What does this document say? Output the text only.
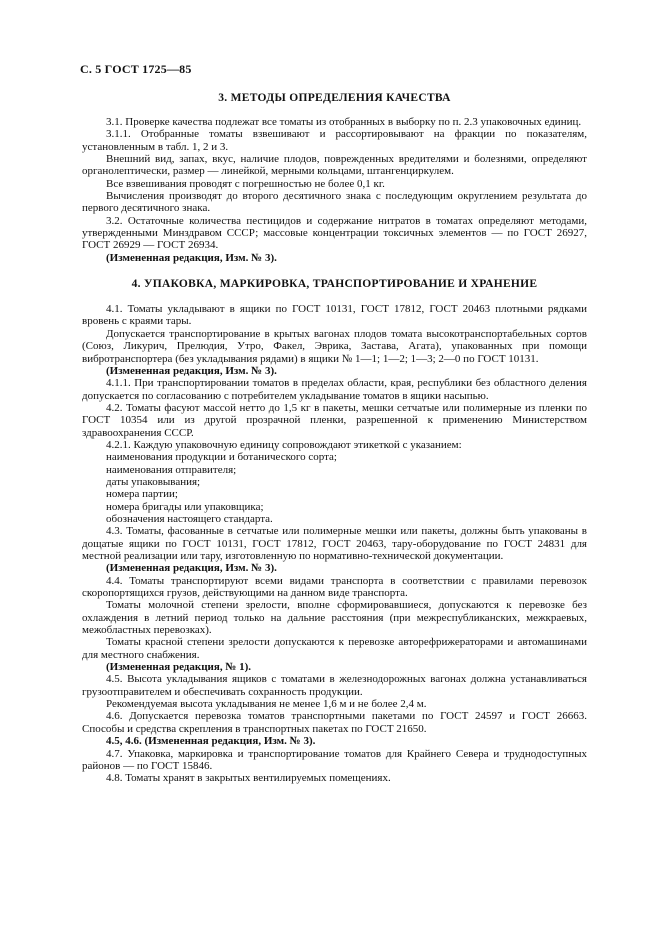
С. 5 ГОСТ 1725—85
3. МЕТОДЫ ОПРЕДЕЛЕНИЯ КАЧЕСТВА

3.1. Проверке качества подлежат все томаты из отобранных в выборку по п. 2.3 упаковочных единиц.

3.1.1. Отобранные томаты взвешивают и рассортировывают на фракции по показателям, установленным в табл. 1, 2 и 3.

Внешний вид, запах, вкус, наличие плодов, поврежденных вредителями и болезнями, определяют органолептически, размер — линейкой, мерными кольцами, штангенциркулем.

Все взвешивания проводят с погрешностью не более 0,1 кг.

Вычисления производят до второго десятичного знака с последующим округлением результата до первого десятичного знака.

3.2. Остаточные количества пестицидов и содержание нитратов в томатах определяют методами, утвержденными Минздравом СССР; массовые концентрации токсичных элементов — по ГОСТ 26927, ГОСТ 26929 — ГОСТ 26934.

(Измененная редакция, Изм. № 3).

4. УПАКОВКА, МАРКИРОВКА, ТРАНСПОРТИРОВАНИЕ И ХРАНЕНИЕ

4.1. Томаты укладывают в ящики по ГОСТ 10131, ГОСТ 17812, ГОСТ 20463 плотными рядками вровень с краями тары.

Допускается транспортирование в крытых вагонах плодов томата высокотранспортабельных сортов (Союз, Ликурич, Прелюдия, Утро, Факел, Эврика, Застава, Агата), упакованных при помощи вибротранспортера (без укладывания рядами) в ящики № 1—1; 1—2; 1—3; 2—0 по ГОСТ 10131.

(Измененная редакция, Изм. № 3).

4.1.1. При транспортировании томатов в пределах области, края, республики без областного деления допускается по согласованию с потребителем укладывание томатов в ящики насыпью.

4.2. Томаты фасуют массой нетто до 1,5 кг в пакеты, мешки сетчатые или полимерные из пленки по ГОСТ 10354 или из другой прозрачной пленки, разрешенной к применению Министерством здравоохранения СССР.

4.2.1. Каждую упаковочную единицу сопровождают этикеткой с указанием:

наименования продукции и ботанического сорта;

наименования отправителя;

даты упаковывания;

номера партии;

номера бригады или упаковщика;

обозначения настоящего стандарта.

4.3. Томаты, фасованные в сетчатые или полимерные мешки или пакеты, должны быть упакованы в дощатые ящики по ГОСТ 10131, ГОСТ 17812, ГОСТ 20463, тару-оборудование по ГОСТ 24831 для местной реализации или тару, изготовленную по нормативно-технической документации.

(Измененная редакция, Изм. № 3).

4.4. Томаты транспортируют всеми видами транспорта в соответствии с правилами перевозок скоропортящихся грузов, действующими на данном виде транспорта.

Томаты молочной степени зрелости, вполне сформировавшиеся, допускаются к перевозке без охлаждения в летний период только на дальние расстояния (при межреспубликанских, межкраевых, межобластных перевозках).

Томаты красной степени зрелости допускаются к перевозке авторефрижераторами и автомашинами для местного снабжения.

(Измененная редакция, № 1).

4.5. Высота укладывания ящиков с томатами в железнодорожных вагонах должна устанавливаться грузоотправителем и обеспечивать сохранность продукции.

Рекомендуемая высота укладывания не менее 1,6 м и не более 2,4 м.

4.6. Допускается перевозка томатов транспортными пакетами по ГОСТ 24597 и ГОСТ 26663. Способы и средства скрепления в транспортных пакетах по ГОСТ 21650.

4.5, 4.6. (Измененная редакция, Изм. № 3).

4.7. Упаковка, маркировка и транспортирование томатов для Крайнего Севера и труднодоступных районов — по ГОСТ 15846.

4.8. Томаты хранят в закрытых вентилируемых помещениях.
